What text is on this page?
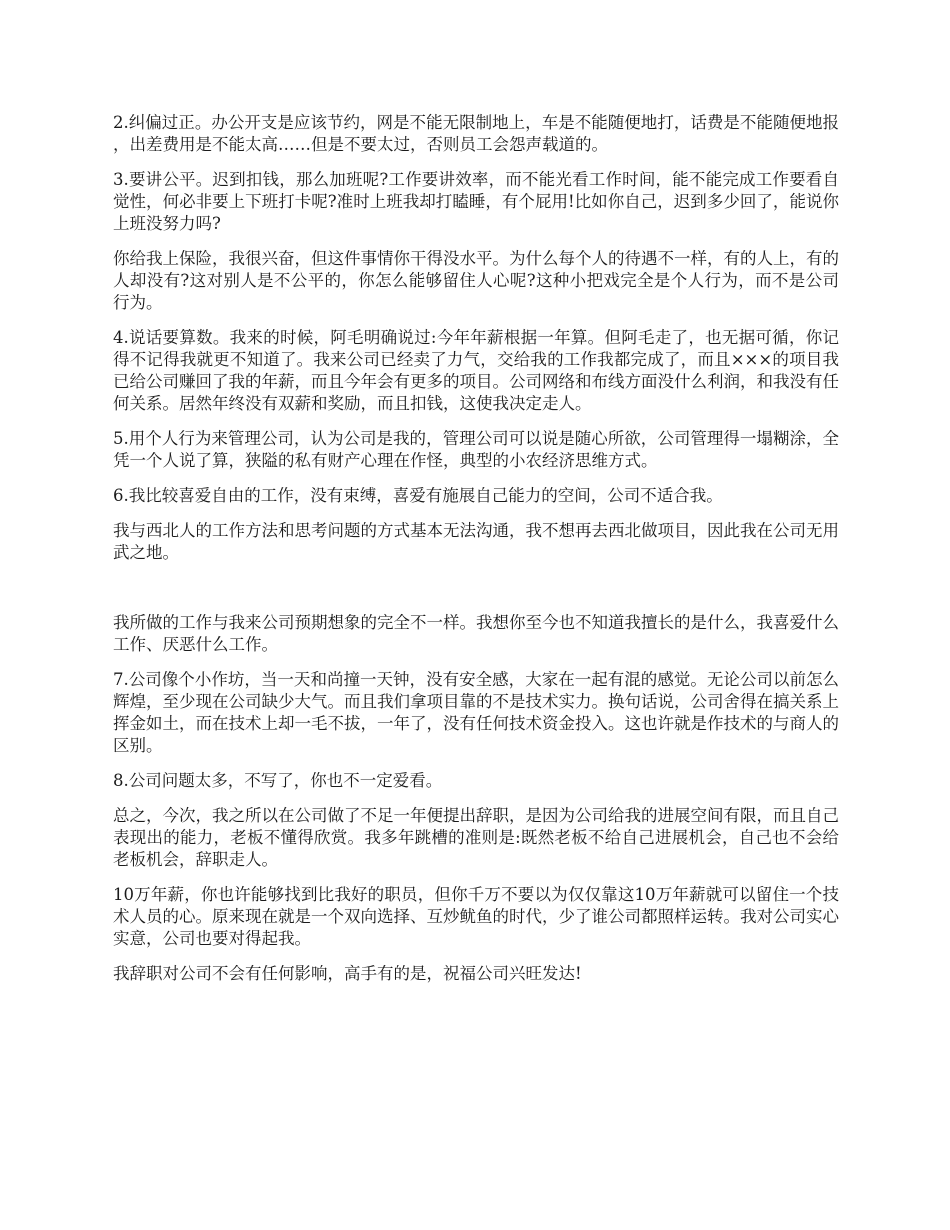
2.纠偏过正。办公开支是应该节约，网是不能无限制地上，车是不能随便地打，话费是不能随便地报，出差费用是不能太高……但是不要太过，否则员工会怨声载道的。

3.要讲公平。迟到扣钱，那么加班呢?工作要讲效率，而不能光看工作时间，能不能完成工作要看自觉性，何必非要上下班打卡呢?准时上班我却打瞌睡，有个屁用!比如你自己，迟到多少回了，能说你上班没努力吗?

你给我上保险，我很兴奋，但这件事情你干得没水平。为什么每个人的待遇不一样，有的人上，有的人却没有?这对别人是不公平的，你怎么能够留住人心呢?这种小把戏完全是个人行为，而不是公司行为。

4.说话要算数。我来的时候，阿毛明确说过:今年年薪根据一年算。但阿毛走了，也无据可循，你记得不记得我就更不知道了。我来公司已经卖了力气，交给我的工作我都完成了，而且×××的项目我已给公司赚回了我的年薪，而且今年会有更多的项目。公司网络和布线方面没什么利润，和我没有任何关系。居然年终没有双薪和奖励，而且扣钱，这使我决定走人。

5.用个人行为来管理公司，认为公司是我的，管理公司可以说是随心所欲，公司管理得一塌糊涂，全凭一个人说了算，狭隘的私有财产心理在作怪，典型的小农经济思维方式。

6.我比较喜爱自由的工作，没有束缚，喜爱有施展自己能力的空间，公司不适合我。

我与西北人的工作方法和思考问题的方式基本无法沟通，我不想再去西北做项目，因此我在公司无用武之地。

我所做的工作与我来公司预期想象的完全不一样。我想你至今也不知道我擅长的是什么，我喜爱什么工作、厌恶什么工作。

7.公司像个小作坊，当一天和尚撞一天钟，没有安全感，大家在一起有混的感觉。无论公司以前怎么辉煌，至少现在公司缺少大气。而且我们拿项目靠的不是技术实力。换句话说，公司舍得在搞关系上挥金如土，而在技术上却一毛不拔，一年了，没有任何技术资金投入。这也许就是作技术的与商人的区别。

8.公司问题太多，不写了，你也不一定爱看。

总之，今次，我之所以在公司做了不足一年便提出辞职，是因为公司给我的进展空间有限，而且自己表现出的能力，老板不懂得欣赏。我多年跳槽的准则是:既然老板不给自己进展机会，自己也不会给老板机会，辞职走人。

10万年薪，你也许能够找到比我好的职员，但你千万不要以为仅仅靠这10万年薪就可以留住一个技术人员的心。原来现在就是一个双向选择、互炒鱿鱼的时代，少了谁公司都照样运转。我对公司实心实意，公司也要对得起我。

我辞职对公司不会有任何影响，高手有的是，祝福公司兴旺发达!
